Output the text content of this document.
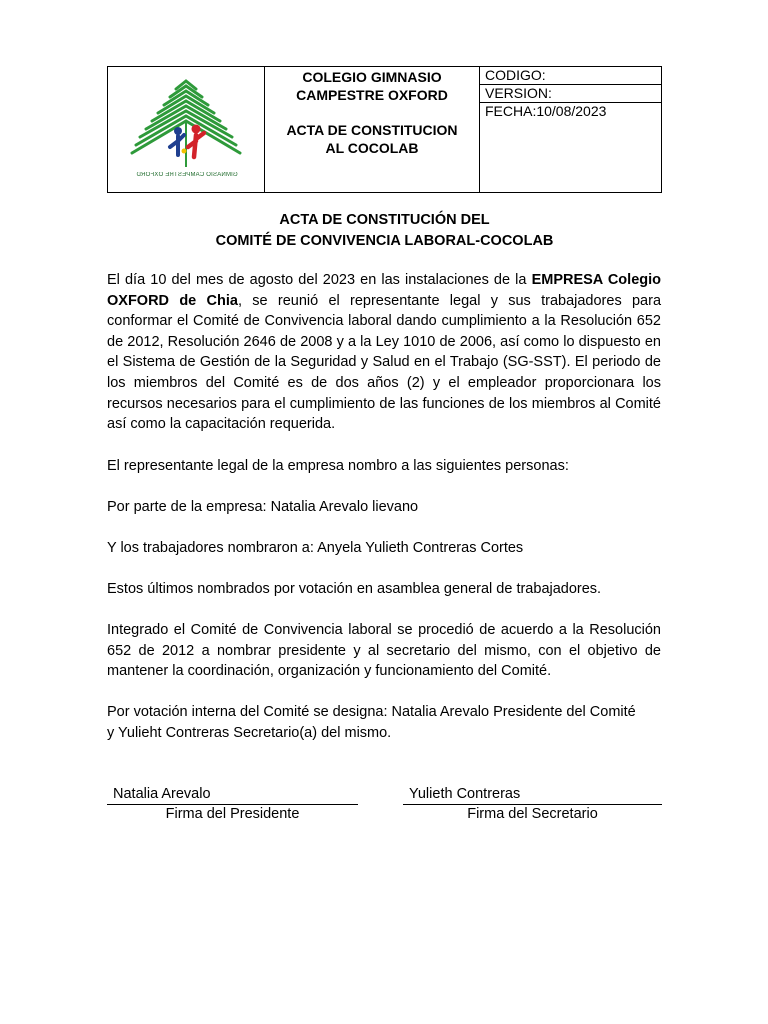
GIMNASIO CAMPESTRE OXFORD

COLEGIO GIMNASIO
CAMPESTRE OXFORD
ACTA DE CONSTITUCION
AL COCOLAB

CODIGO:
VERSION:
FECHA:10/08/2023
ACTA DE CONSTITUCIÓN DEL
COMITÉ DE CONVIVENCIA LABORAL-COCOLAB
El día 10 del mes de agosto del 2023 en las instalaciones de la EMPRESA Colegio OXFORD de Chia, se reunió el representante legal y sus trabajadores para conformar el Comité de Convivencia laboral dando cumplimiento a la Resolución 652 de 2012, Resolución 2646 de 2008 y a la Ley 1010 de 2006, así como lo dispuesto en el Sistema de Gestión de la Seguridad y Salud en el Trabajo (SG-SST). El periodo de los miembros del Comité es de dos años (2) y el empleador proporcionara los recursos necesarios para el cumplimiento de las funciones de los miembros al Comité así como la capacitación requerida.
El representante legal de la empresa nombro a las siguientes personas:
Por parte de la empresa: Natalia Arevalo lievano
Y los trabajadores nombraron a: Anyela Yulieth Contreras Cortes
Estos últimos nombrados por votación en asamblea general de trabajadores.
Integrado el Comité de Convivencia laboral se procedió de acuerdo a la Resolución 652 de 2012 a nombrar presidente y al secretario del mismo, con el objetivo de mantener la coordinación, organización y funcionamiento del Comité.
Por votación interna del Comité se designa: Natalia Arevalo Presidente del Comité
y Yulieht Contreras Secretario(a) del mismo.
Natalia Arevalo
Firma del Presidente
Yulieth Contreras
Firma del Secretario
